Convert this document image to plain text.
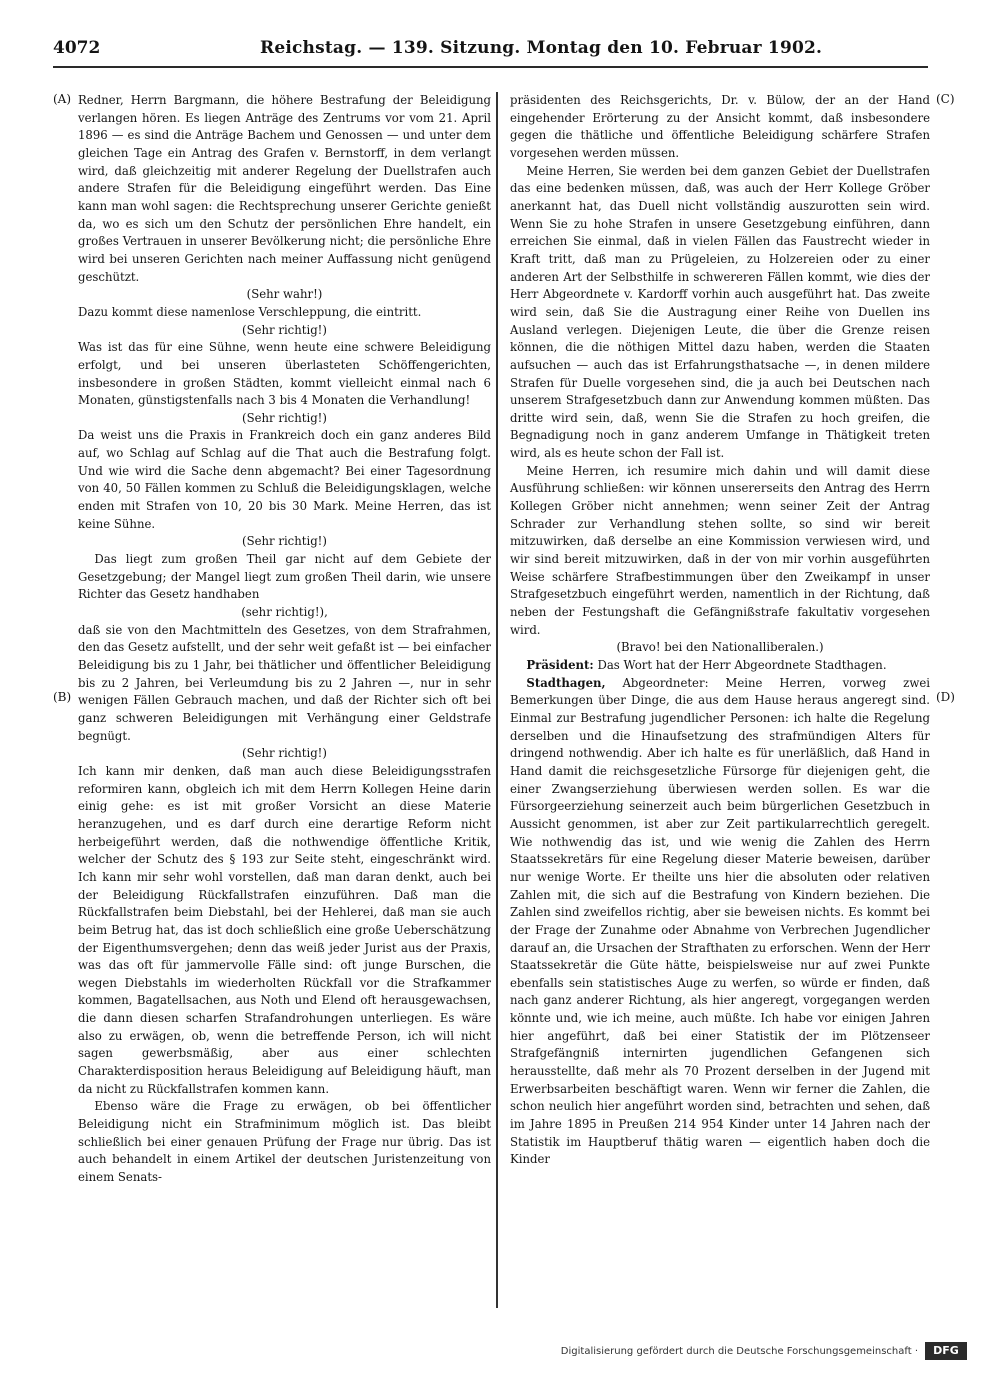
4072	Reichstag. — 139. Sitzung. Montag den 10. Februar 1902.
(A)
(B)
(C)
(D)

Redner, Herrn Bargmann, die höhere Bestrafung der Beleidigung verlangen hören. Es liegen Anträge des Zentrums vor vom 21. April 1896 — es sind die Anträge Bachem und Genossen — und unter dem gleichen Tage ein Antrag des Grafen v. Bernstorff, in dem verlangt wird, daß gleichzeitig mit anderer Regelung der Duellstrafen auch andere Strafen für die Beleidigung eingeführt werden. Das Eine kann man wohl sagen: die Rechtsprechung unserer Gerichte genießt da, wo es sich um den Schutz der persönlichen Ehre handelt, ein großes Vertrauen in unserer Bevölkerung nicht; die persönliche Ehre wird bei unseren Gerichten nach meiner Auffassung nicht genügend geschützt.

(Sehr wahr!)

Dazu kommt diese namenlose Verschleppung, die eintritt.

(Sehr richtig!)

Was ist das für eine Sühne, wenn heute eine schwere Beleidigung erfolgt, und bei unseren überlasteten Schöffengerichten, insbesondere in großen Städten, kommt vielleicht einmal nach 6 Monaten, günstigstenfalls nach 3 bis 4 Monaten die Verhandlung!

(Sehr richtig!)

Da weist uns die Praxis in Frankreich doch ein ganz anderes Bild auf, wo Schlag auf Schlag auf die That auch die Bestrafung folgt. Und wie wird die Sache denn abgemacht? Bei einer Tagesordnung von 40, 50 Fällen kommen zu Schluß die Beleidigungsklagen, welche enden mit Strafen von 10, 20 bis 30 Mark. Meine Herren, das ist keine Sühne.

(Sehr richtig!)

Das liegt zum großen Theil gar nicht auf dem Gebiete der Gesetzgebung; der Mangel liegt zum großen Theil darin, wie unsere Richter das Gesetz handhaben

(sehr richtig!),

daß sie von den Machtmitteln des Gesetzes, von dem Strafrahmen, den das Gesetz aufstellt, und der sehr weit gefaßt ist — bei einfacher Beleidigung bis zu 1 Jahr, bei thätlicher und öffentlicher Beleidigung bis zu 2 Jahren, bei Verleumdung bis zu 2 Jahren —, nur in sehr wenigen Fällen Gebrauch machen, und daß der Richter sich oft bei ganz schweren Beleidigungen mit Verhängung einer Geldstrafe begnügt.

(Sehr richtig!)

Ich kann mir denken, daß man auch diese Beleidigungsstrafen reformiren kann, obgleich ich mit dem Herrn Kollegen Heine darin einig gehe: es ist mit großer Vorsicht an diese Materie heranzugehen, und es darf durch eine derartige Reform nicht herbeigeführt werden, daß die nothwendige öffentliche Kritik, welcher der Schutz des § 193 zur Seite steht, eingeschränkt wird. Ich kann mir sehr wohl vorstellen, daß man daran denkt, auch bei der Beleidigung Rückfallstrafen einzuführen. Daß man die Rückfallstrafen beim Diebstahl, bei der Hehlerei, daß man sie auch beim Betrug hat, das ist doch schließlich eine große Ueberschätzung der Eigenthumsvergehen; denn das weiß jeder Jurist aus der Praxis, was das oft für jammervolle Fälle sind: oft junge Burschen, die wegen Diebstahls im wiederholten Rückfall vor die Strafkammer kommen, Bagatellsachen, aus Noth und Elend oft herausgewachsen, die dann diesen scharfen Strafandrohungen unterliegen. Es wäre also zu erwägen, ob, wenn die betreffende Person, ich will nicht sagen gewerbsmäßig, aber aus einer schlechten Charakterdisposition heraus Beleidigung auf Beleidigung häuft, man da nicht zu Rückfallstrafen kommen kann.

Ebenso wäre die Frage zu erwägen, ob bei öffentlicher Beleidigung nicht ein Strafminimum möglich ist. Das bleibt schließlich bei einer genauen Prüfung der Frage nur übrig. Das ist auch behandelt in einem Artikel der deutschen Juristenzeitung von einem Senats-

präsidenten des Reichsgerichts, Dr. v. Bülow, der an der Hand eingehender Erörterung zu der Ansicht kommt, daß insbesondere gegen die thätliche und öffentliche Beleidigung schärfere Strafen vorgesehen werden müssen.

Meine Herren, Sie werden bei dem ganzen Gebiet der Duellstrafen das eine bedenken müssen, daß, was auch der Herr Kollege Gröber anerkannt hat, das Duell nicht vollständig auszurotten sein wird. Wenn Sie zu hohe Strafen in unsere Gesetzgebung einführen, dann erreichen Sie einmal, daß in vielen Fällen das Faustrecht wieder in Kraft tritt, daß man zu Prügeleien, zu Holzereien oder zu einer anderen Art der Selbsthilfe in schwereren Fällen kommt, wie dies der Herr Abgeordnete v. Kardorff vorhin auch ausgeführt hat. Das zweite wird sein, daß Sie die Austragung einer Reihe von Duellen ins Ausland verlegen. Diejenigen Leute, die über die Grenze reisen können, die die nöthigen Mittel dazu haben, werden die Staaten aufsuchen — auch das ist Erfahrungsthatsache —, in denen mildere Strafen für Duelle vorgesehen sind, die ja auch bei Deutschen nach unserem Strafgesetzbuch dann zur Anwendung kommen müßten. Das dritte wird sein, daß, wenn Sie die Strafen zu hoch greifen, die Begnadigung noch in ganz anderem Umfange in Thätigkeit treten wird, als es heute schon der Fall ist.

Meine Herren, ich resumire mich dahin und will damit diese Ausführung schließen: wir können unsererseits den Antrag des Herrn Kollegen Gröber nicht annehmen; wenn seiner Zeit der Antrag Schrader zur Verhandlung stehen sollte, so sind wir bereit mitzuwirken, daß derselbe an eine Kommission verwiesen wird, und wir sind bereit mitzuwirken, daß in der von mir vorhin ausgeführten Weise schärfere Strafbestimmungen über den Zweikampf in unser Strafgesetzbuch eingeführt werden, namentlich in der Richtung, daß neben der Festungshaft die Gefängnißstrafe fakultativ vorgesehen wird.

(Bravo! bei den Nationalliberalen.)

Präsident: Das Wort hat der Herr Abgeordnete Stadthagen.

Stadthagen, Abgeordneter: Meine Herren, vorweg zwei Bemerkungen über Dinge, die aus dem Hause heraus angeregt sind. Einmal zur Bestrafung jugendlicher Personen: ich halte die Regelung derselben und die Hinaufsetzung des strafmündigen Alters für dringend nothwendig. Aber ich halte es für unerläßlich, daß Hand in Hand damit die reichsgesetzliche Fürsorge für diejenigen geht, die einer Zwangserziehung überwiesen werden sollen. Es war die Fürsorgeerziehung seinerzeit auch beim bürgerlichen Gesetzbuch in Aussicht genommen, ist aber zur Zeit partikularrechtlich geregelt. Wie nothwendig das ist, und wie wenig die Zahlen des Herrn Staatssekretärs für eine Regelung dieser Materie beweisen, darüber nur wenige Worte. Er theilte uns hier die absoluten oder relativen Zahlen mit, die sich auf die Bestrafung von Kindern beziehen. Die Zahlen sind zweifellos richtig, aber sie beweisen nichts. Es kommt bei der Frage der Zunahme oder Abnahme von Verbrechen Jugendlicher darauf an, die Ursachen der Strafthaten zu erforschen. Wenn der Herr Staatssekretär die Güte hätte, beispielsweise nur auf zwei Punkte ebenfalls sein statistisches Auge zu werfen, so würde er finden, daß nach ganz anderer Richtung, als hier angeregt, vorgegangen werden könnte und, wie ich meine, auch müßte. Ich habe vor einigen Jahren hier angeführt, daß bei einer Statistik der im Plötzenseer Strafgefängniß internirten jugendlichen Gefangenen sich herausstellte, daß mehr als 70 Prozent derselben in der Jugend mit Erwerbsarbeiten beschäftigt waren. Wenn wir ferner die Zahlen, die schon neulich hier angeführt worden sind, betrachten und sehen, daß im Jahre 1895 in Preußen 214 954 Kinder unter 14 Jahren nach der Statistik im Hauptberuf thätig waren — eigentlich haben doch die Kinder

Digitalisierung gefördert durch die Deutsche Forschungsgemeinschaft ·	DFG
